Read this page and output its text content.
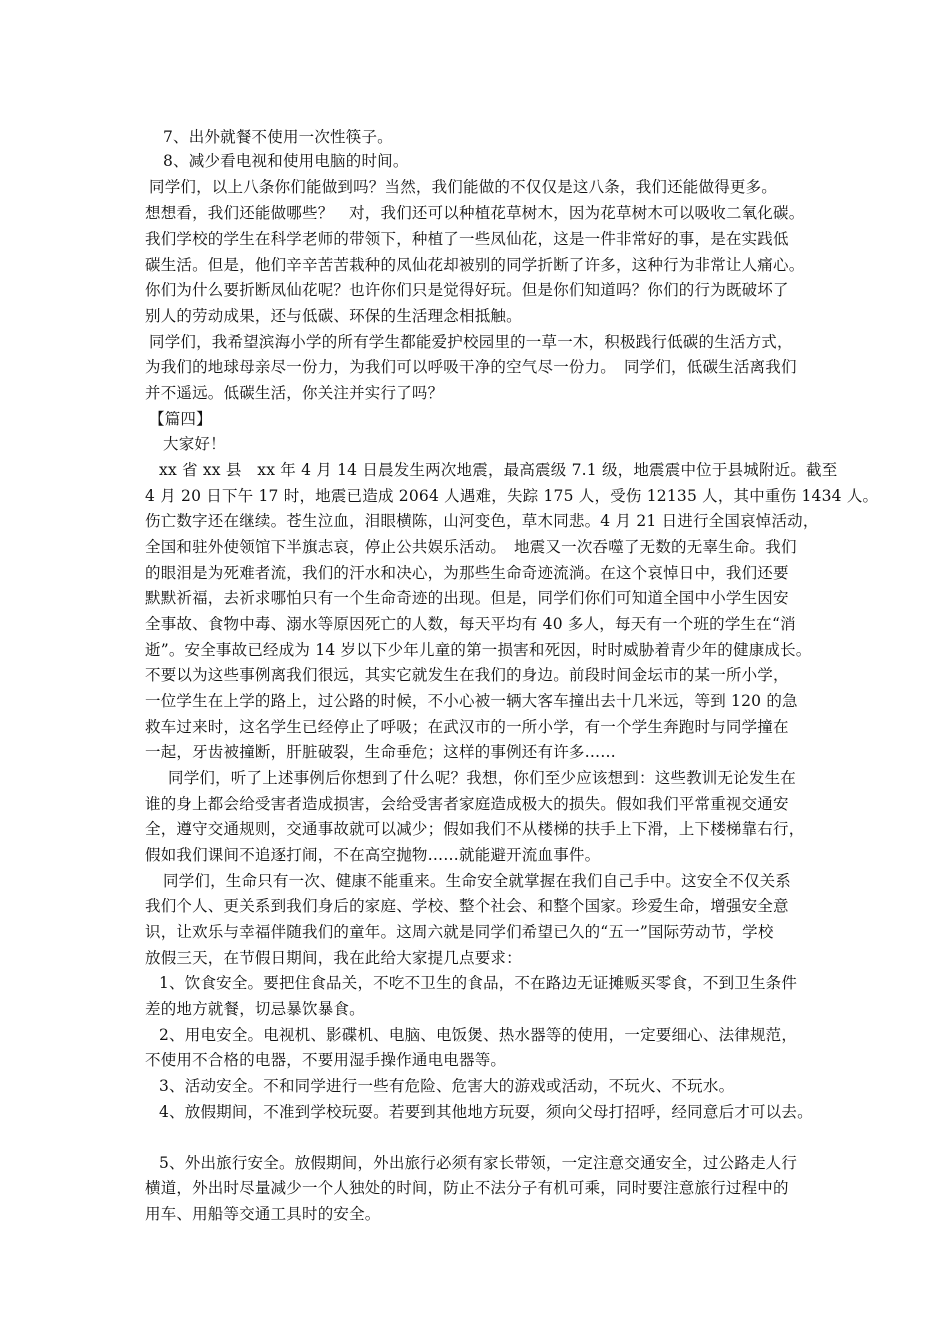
7、出外就餐不使用一次性筷子。
8、减少看电视和使用电脑的时间。
同学们，以上八条你们能做到吗？当然，我们能做的不仅仅是这八条，我们还能做得更多。
想想看，我们还能做哪些？　对，我们还可以种植花草树木，因为花草树木可以吸收二氧化碳。
我们学校的学生在科学老师的带领下，种植了一些凤仙花，这是一件非常好的事，是在实践低
碳生活。但是，他们辛辛苦苦栽种的凤仙花却被别的同学折断了许多，这种行为非常让人痛心。
你们为什么要折断凤仙花呢？也许你们只是觉得好玩。但是你们知道吗？你们的行为既破坏了
别人的劳动成果，还与低碳、环保的生活理念相抵触。
同学们，我希望滨海小学的所有学生都能爱护校园里的一草一木，积极践行低碳的生活方式，
为我们的地球母亲尽一份力，为我们可以呼吸干净的空气尽一份力。　同学们，低碳生活离我们
并不遥远。低碳生活，你关注并实行了吗？
【篇四】
大家好！
xx 省 xx 县　xx 年 4 月 14 日晨发生两次地震，最高震级 7.1 级，地震震中位于县城附近。截至
4 月 20 日下午 17 时，地震已造成 2064 人遇难，失踪 175 人，受伤 12135 人，其中重伤 1434 人。
伤亡数字还在继续。苍生泣血，泪眼横陈，山河变色，草木同悲。4 月 21 日进行全国哀悼活动，
全国和驻外使领馆下半旗志哀，停止公共娱乐活动。　地震又一次吞噬了无数的无辜生命。我们
的眼泪是为死难者流，我们的汗水和决心，为那些生命奇迹流淌。在这个哀悼日中，我们还要
默默祈福，去祈求哪怕只有一个生命奇迹的出现。但是，同学们你们可知道全国中小学生因安
全事故、食物中毒、溺水等原因死亡的人数，每天平均有 40 多人，每天有一个班的学生在“消
逝”。安全事故已经成为 14 岁以下少年儿童的第一损害和死因，时时威胁着青少年的健康成长。
不要以为这些事例离我们很远，其实它就发生在我们的身边。前段时间金坛市的某一所小学，
一位学生在上学的路上，过公路的时候，不小心被一辆大客车撞出去十几米远，等到 120 的急
救车过来时，这名学生已经停止了呼吸；在武汉市的一所小学，有一个学生奔跑时与同学撞在
一起，牙齿被撞断，肝脏破裂，生命垂危；这样的事例还有许多……
同学们，听了上述事例后你想到了什么呢？我想，你们至少应该想到：这些教训无论发生在
谁的身上都会给受害者造成损害，会给受害者家庭造成极大的损失。假如我们平常重视交通安
全，遵守交通规则，交通事故就可以减少；假如我们不从楼梯的扶手上下滑，上下楼梯靠右行，
假如我们课间不追逐打闹，不在高空抛物……就能避开流血事件。
同学们，生命只有一次、健康不能重来。生命安全就掌握在我们自己手中。这安全不仅关系
我们个人、更关系到我们身后的家庭、学校、整个社会、和整个国家。珍爱生命，增强安全意
识，让欢乐与幸福伴随我们的童年。这周六就是同学们希望已久的“五一”国际劳动节，学校
放假三天，在节假日期间，我在此给大家提几点要求：
1、饮食安全。要把住食品关，不吃不卫生的食品，不在路边无证摊贩买零食，不到卫生条件
差的地方就餐，切忌暴饮暴食。
2、用电安全。电视机、影碟机、电脑、电饭煲、热水器等的使用，一定要细心、法律规范，
不使用不合格的电器，不要用湿手操作通电电器等。
3、活动安全。不和同学进行一些有危险、危害大的游戏或活动，不玩火、不玩水。
4、放假期间，不准到学校玩耍。若要到其他地方玩耍，须向父母打招呼，经同意后才可以去。
5、外出旅行安全。放假期间，外出旅行必须有家长带领，一定注意交通安全，过公路走人行
横道，外出时尽量减少一个人独处的时间，防止不法分子有机可乘，同时要注意旅行过程中的
用车、用船等交通工具时的安全。
